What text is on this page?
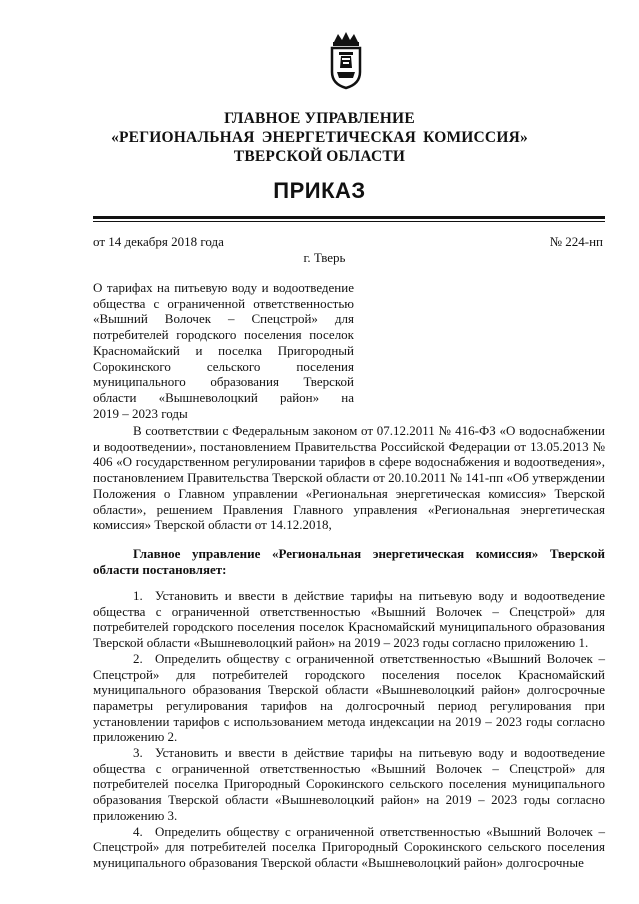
ГЛАВНОЕ УПРАВЛЕНИЕ
«РЕГИОНАЛЬНАЯ ЭНЕРГЕТИЧЕСКАЯ КОМИССИЯ»
ТВЕРСКОЙ ОБЛАСТИ
ПРИКАЗ
от 14 декабря 2018 года	№ 224-нп
г. Тверь
О тарифах на питьевую воду и водоотведение
общества с ограниченной ответственностью
«Вышний Волочек – Спецстрой» для
потребителей городского поселения поселок
Красномайский и поселка Пригородный
Сорокинского сельского поселения
муниципального образования Тверской
области «Вышневолоцкий район» на
2019 – 2023 годы
В соответствии с Федеральным законом от 07.12.2011 № 416-ФЗ «О водоснабжении и водоотведении», постановлением Правительства Российской Федерации от 13.05.2013 № 406 «О государственном регулировании тарифов в сфере водоснабжения и водоотведения», постановлением Правительства Тверской области от 20.10.2011 № 141-пп «Об утверждении Положения о Главном управлении «Региональная энергетическая комиссия» Тверской области», решением Правления Главного управления «Региональная энергетическая комиссия» Тверской области от 14.12.2018,
Главное управление «Региональная энергетическая комиссия» Тверской области постановляет:
1. Установить и ввести в действие тарифы на питьевую воду и водоотведение общества с ограниченной ответственностью «Вышний Волочек – Спецстрой» для потребителей городского поселения поселок Красномайский муниципального образования Тверской области «Вышневолоцкий район» на 2019 – 2023 годы согласно приложению 1.
2. Определить обществу с ограниченной ответственностью «Вышний Волочек – Спецстрой» для потребителей городского поселения поселок Красномайский муниципального образования Тверской области «Вышневолоцкий район» долгосрочные параметры регулирования тарифов на долгосрочный период регулирования при установлении тарифов с использованием метода индексации на 2019 – 2023 годы согласно приложению 2.
3. Установить и ввести в действие тарифы на питьевую воду и водоотведение общества с ограниченной ответственностью «Вышний Волочек – Спецстрой» для потребителей поселка Пригородный Сорокинского сельского поселения муниципального образования Тверской области «Вышневолоцкий район» на 2019 – 2023 годы согласно приложению 3.
4. Определить обществу с ограниченной ответственностью «Вышний Волочек – Спецстрой» для потребителей поселка Пригородный Сорокинского сельского поселения муниципального образования Тверской области «Вышневолоцкий район» долгосрочные
